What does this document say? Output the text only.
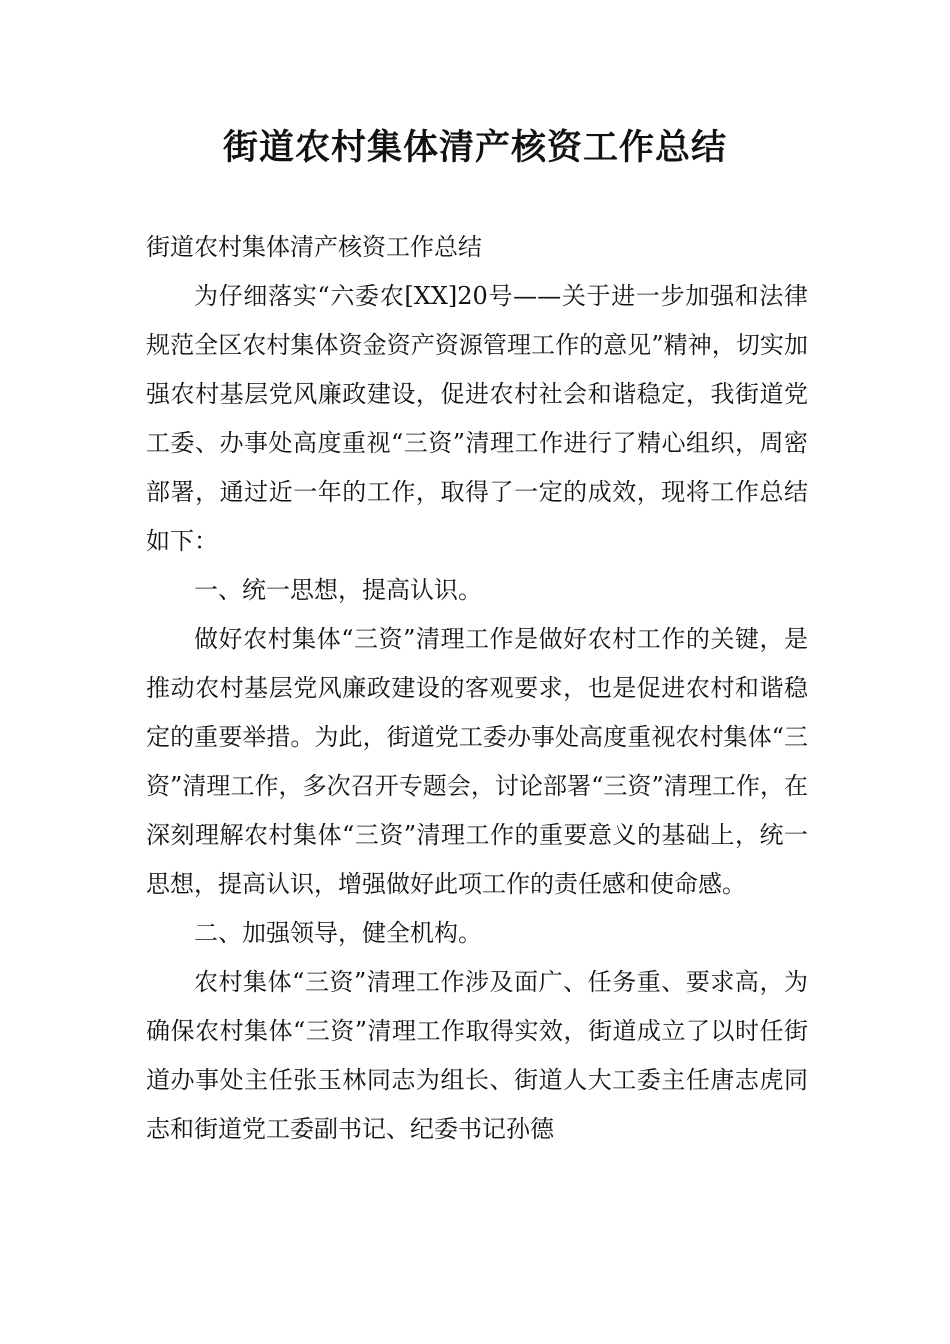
街道农村集体清产核资工作总结

街道农村集体清产核资工作总结

为仔细落实“六委农[XX]20号——关于进一步加强和法律规范全区农村集体资金资产资源管理工作的意见”精神，切实加强农村基层党风廉政建设，促进农村社会和谐稳定，我街道党工委、办事处高度重视“三资”清理工作进行了精心组织，周密部署，通过近一年的工作，取得了一定的成效，现将工作总结如下：

一、统一思想，提高认识。

做好农村集体“三资”清理工作是做好农村工作的关键，是推动农村基层党风廉政建设的客观要求，也是促进农村和谐稳定的重要举措。为此，街道党工委办事处高度重视农村集体“三资”清理工作，多次召开专题会，讨论部署“三资”清理工作，在深刻理解农村集体“三资”清理工作的重要意义的基础上，统一思想，提高认识，增强做好此项工作的责任感和使命感。

二、加强领导，健全机构。

农村集体“三资”清理工作涉及面广、任务重、要求高，为确保农村集体“三资”清理工作取得实效，街道成立了以时任街道办事处主任张玉林同志为组长、街道人大工委主任唐志虎同志和街道党工委副书记、纪委书记孙德
